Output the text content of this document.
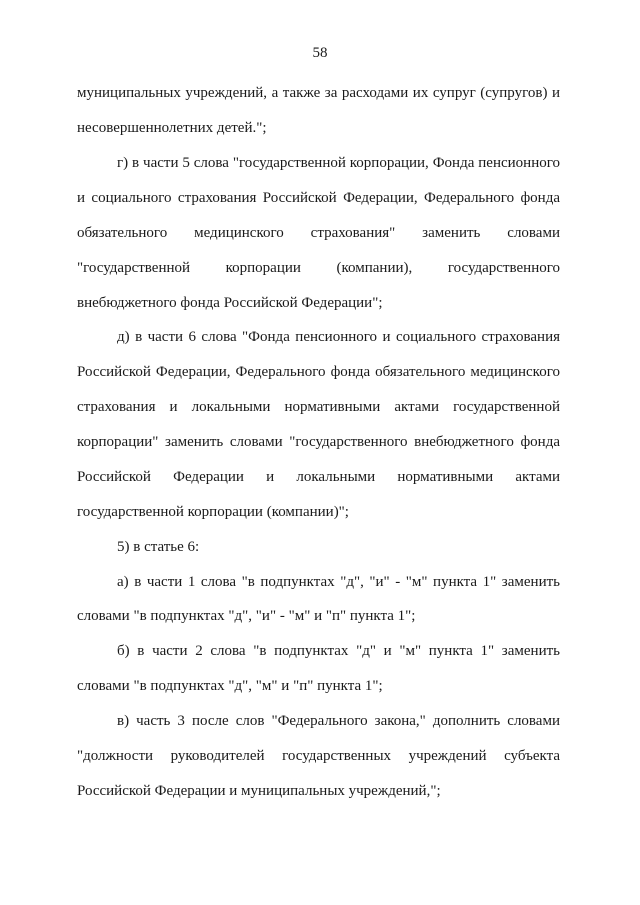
58
муниципальных учреждений, а также за расходами их супруг (супругов) и
несовершеннолетних детей.";
г) в части 5 слова "государственной корпорации, Фонда пенсионного
и социального страхования Российской Федерации, Федерального фонда
обязательного медицинского страхования" заменить словами
"государственной корпорации (компании), государственного
внебюджетного фонда Российской Федерации";
д) в части 6 слова "Фонда пенсионного и социального страхования
Российской Федерации, Федерального фонда обязательного медицинского
страхования и локальными нормативными актами государственной
корпорации" заменить словами "государственного внебюджетного фонда
Российской Федерации и локальными нормативными актами
государственной корпорации (компании)";
5) в статье 6:
а) в части 1 слова "в подпунктах "д", "и" - "м" пункта 1" заменить
словами "в подпунктах "д", "и" - "м" и "п" пункта 1";
б) в части 2 слова "в подпунктах "д" и "м" пункта 1" заменить
словами "в подпунктах "д", "м" и "п" пункта 1";
в) часть 3 после слов "Федерального закона," дополнить словами
"должности руководителей государственных учреждений субъекта
Российской Федерации и муниципальных учреждений,";
